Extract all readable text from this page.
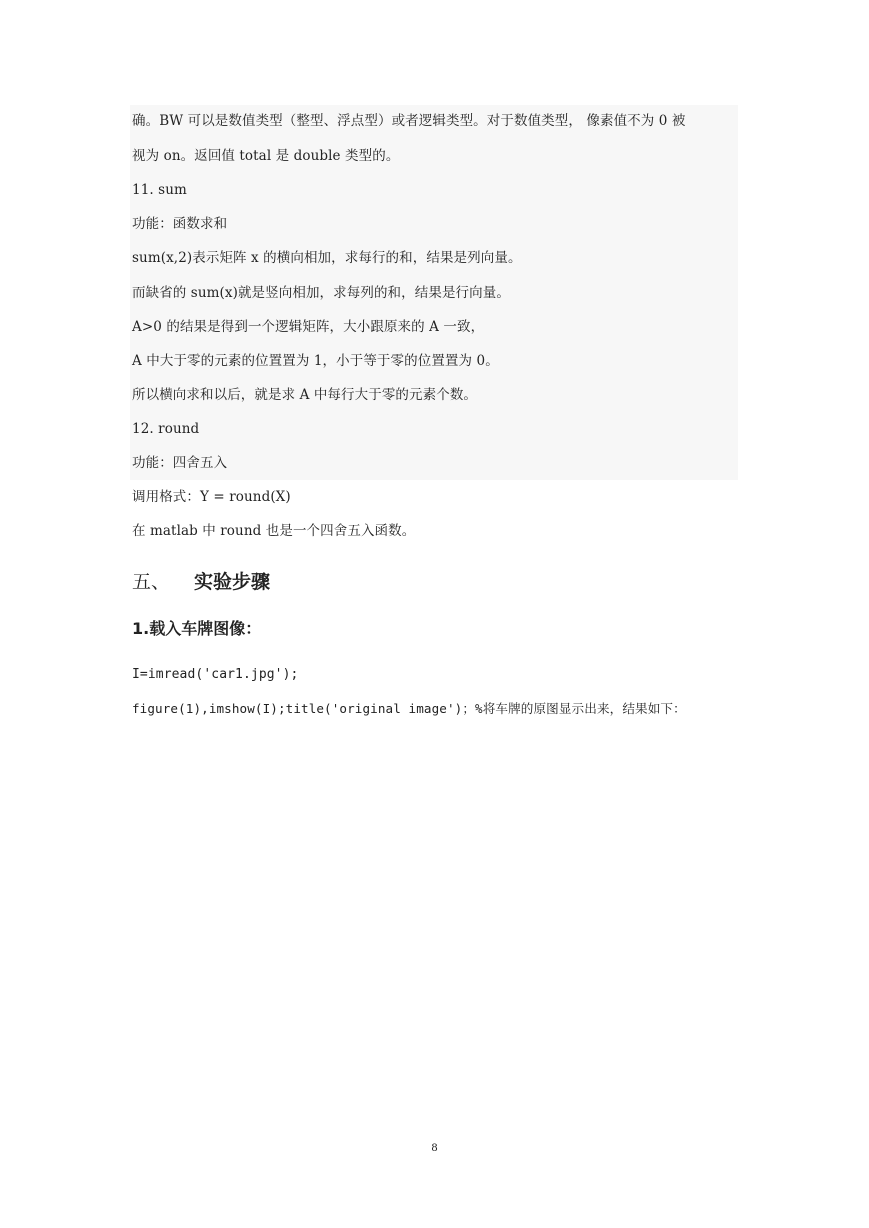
确。BW 可以是数值类型（整型、浮点型）或者逻辑类型。对于数值类型， 像素值不为 0 被
视为 on。返回值 total 是 double 类型的。
11. sum
功能：函数求和
sum(x,2)表示矩阵 x 的横向相加，求每行的和，结果是列向量。
而缺省的 sum(x)就是竖向相加，求每列的和，结果是行向量。
A>0 的结果是得到一个逻辑矩阵，大小跟原来的 A 一致，
A 中大于零的元素的位置置为 1，小于等于零的位置置为 0。
所以横向求和以后，就是求 A 中每行大于零的元素个数。
12. round
功能：四舍五入
调用格式：Y = round(X)
在 matlab 中 round 也是一个四舍五入函数。
五、 实验步骤
1.载入车牌图像：
I=imread('car1.jpg');
figure(1),imshow(I);title('original image')；%将车牌的原图显示出来，结果如下：
8
